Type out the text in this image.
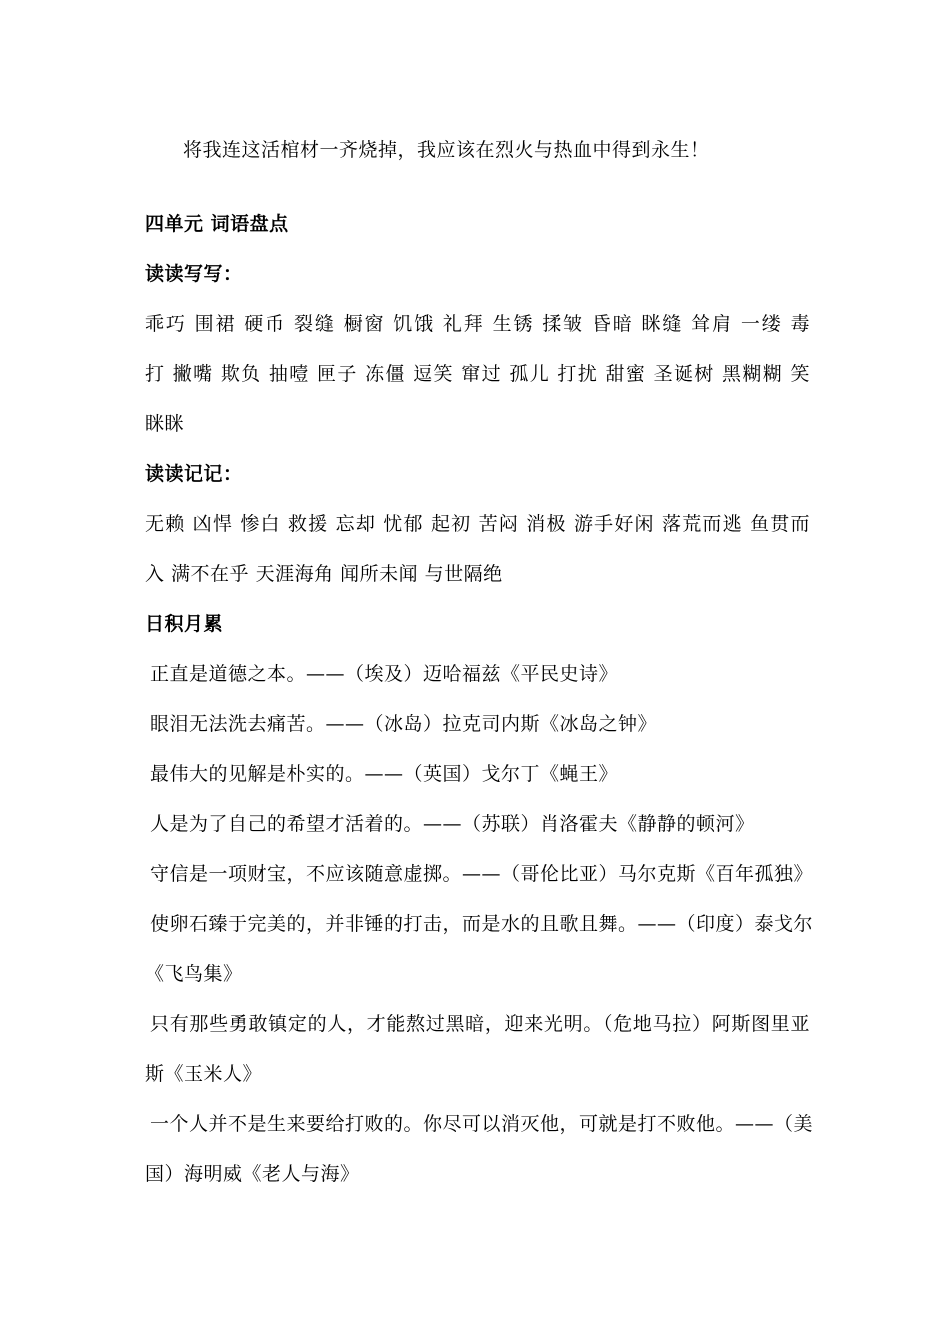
将我连这活棺材一齐烧掉，我应该在烈火与热血中得到永生！
四单元 词语盘点
读读写写：
乖巧 围裙 硬币 裂缝 橱窗 饥饿 礼拜 生锈 揉皱 昏暗 眯缝 耸肩 一缕 毒
打 撇嘴 欺负 抽噎 匣子 冻僵 逗笑 窜过 孤儿 打扰 甜蜜 圣诞树 黑糊糊 笑
眯眯
读读记记：
无赖 凶悍 惨白 救援 忘却 忧郁 起初 苦闷 消极 游手好闲 落荒而逃 鱼贯而
入 满不在乎 天涯海角 闻所未闻 与世隔绝
日积月累
正直是道德之本。——（埃及）迈哈福兹《平民史诗》
眼泪无法洗去痛苦。——（冰岛）拉克司内斯《冰岛之钟》
最伟大的见解是朴实的。——（英国）戈尔丁《蝇王》
人是为了自己的希望才活着的。——（苏联）肖洛霍夫《静静的顿河》
守信是一项财宝，不应该随意虚掷。——（哥伦比亚）马尔克斯《百年孤独》
使卵石臻于完美的，并非锤的打击，而是水的且歌且舞。——（印度）泰戈尔
《飞鸟集》
只有那些勇敢镇定的人，才能熬过黑暗，迎来光明。（危地马拉）阿斯图里亚
斯《玉米人》
一个人并不是生来要给打败的。你尽可以消灭他，可就是打不败他。——（美
国）海明威《老人与海》
